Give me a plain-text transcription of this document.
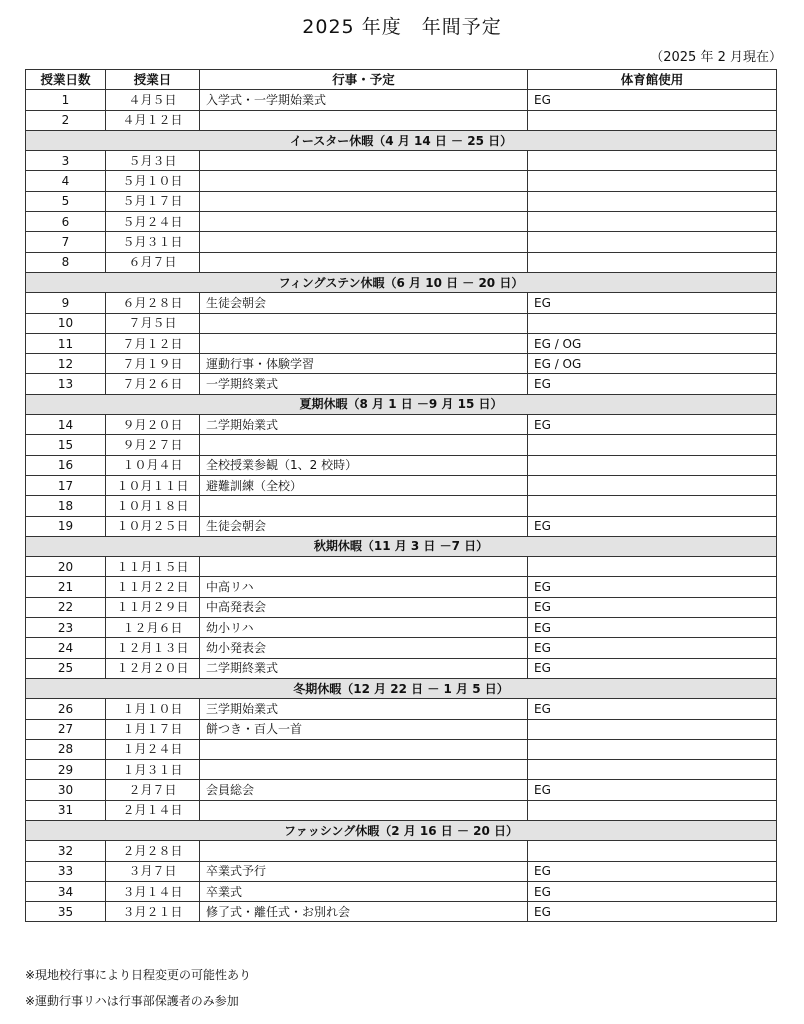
2025 年度　年間予定
（2025 年 2 月現在）
授業日数	授業日	行事・予定	体育館使用
1	４月５日	入学式・一学期始業式	EG
2	４月１２日		
イースター休暇（4 月 14 日 － 25 日）			
3	５月３日		
4	５月１０日		
5	５月１７日		
6	５月２４日		
7	５月３１日		
8	６月７日		
フィングステン休暇（6 月 10 日 － 20 日）			
9	６月２８日	生徒会朝会	EG
10	７月５日		
11	７月１２日		EG / OG
12	７月１９日	運動行事・体験学習	EG / OG
13	７月２６日	一学期終業式	EG
夏期休暇（8 月 1 日 －9 月 15 日）			
14	９月２０日	二学期始業式	EG
15	９月２７日		
16	１０月４日	全校授業参観（1、2 校時）	
17	１０月１１日	避難訓練（全校）	
18	１０月１８日		
19	１０月２５日	生徒会朝会	EG
秋期休暇（11 月 3 日 －7 日）			
20	１１月１５日		
21	１１月２２日	中高リハ	EG
22	１１月２９日	中高発表会	EG
23	１２月６日	幼小リハ	EG
24	１２月１３日	幼小発表会	EG
25	１２月２０日	二学期終業式	EG
冬期休暇（12 月 22 日 － 1 月 5 日）			
26	１月１０日	三学期始業式	EG
27	１月１７日	餅つき・百人一首	
28	１月２４日		
29	１月３１日		
30	２月７日	会員総会	EG
31	２月１４日		
ファッシング休暇（2 月 16 日 － 20 日）			
32	２月２８日		
33	３月７日	卒業式予行	EG
34	３月１４日	卒業式	EG
35	３月２１日	修了式・離任式・お別れ会	EG
※現地校行事により日程変更の可能性あり
※運動行事リハは行事部保護者のみ参加
